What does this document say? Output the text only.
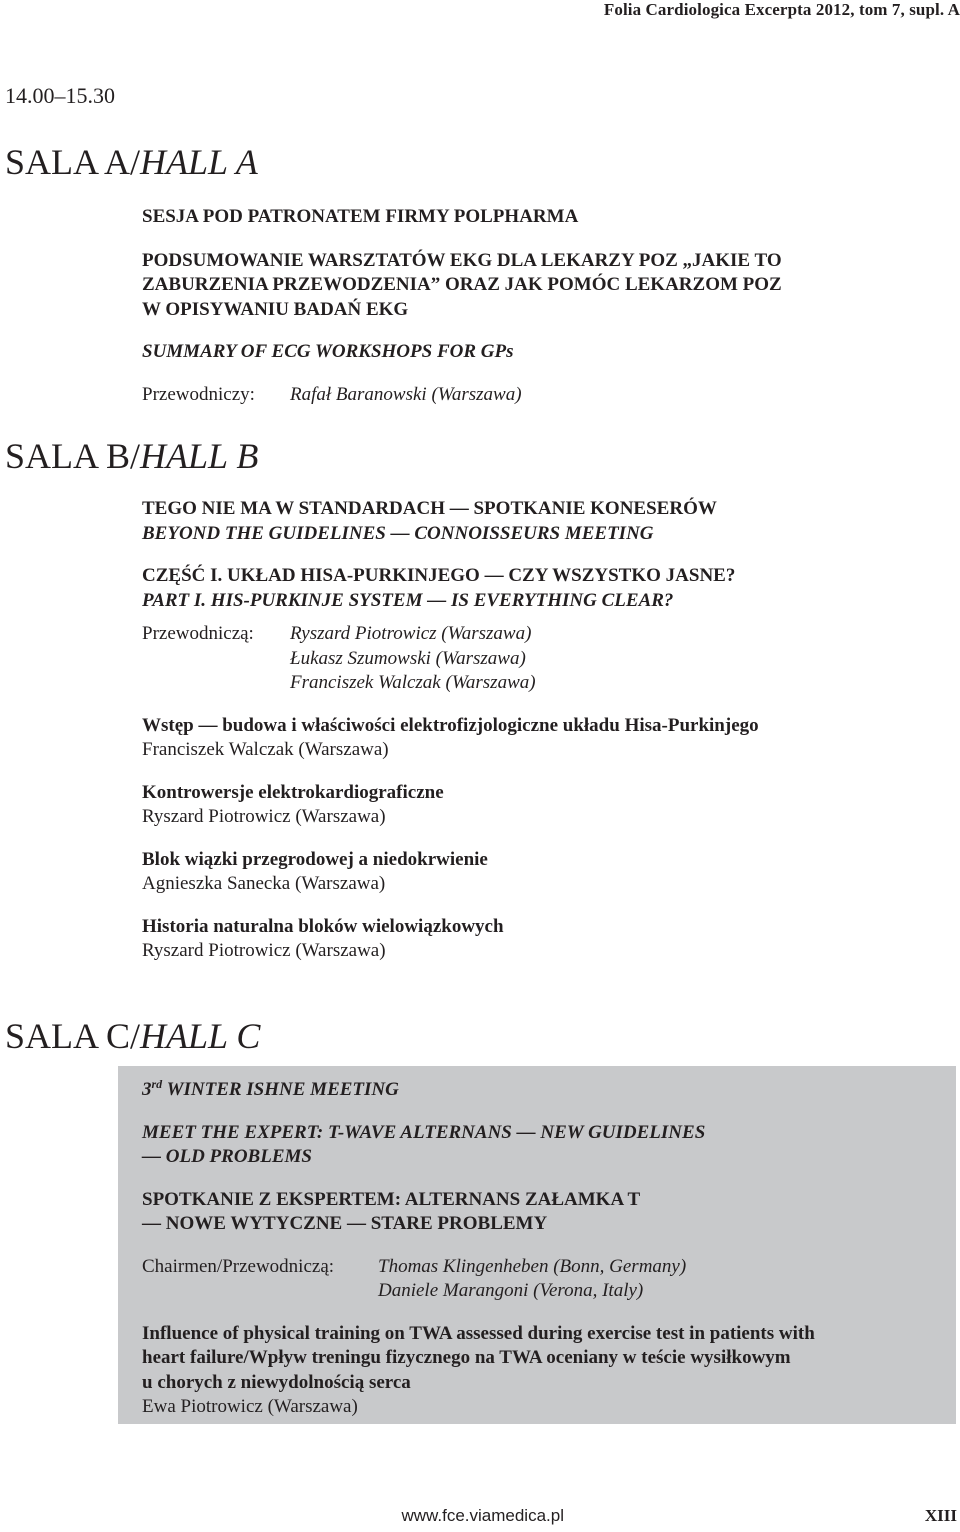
Folia Cardiologica Excerpta 2012, tom 7, supl. A

14.00–15.30

SALA A/HALL A

SESJA POD PATRONATEM FIRMY POLPHARMA
PODSUMOWANIE WARSZTATÓW EKG DLA LEKARZY POZ „JAKIE TO
ZABURZENIA PRZEWODZENIA” ORAZ JAK POMÓC LEKARZOM POZ
W OPISYWANIU BADAŃ EKG
SUMMARY OF ECG WORKSHOPS FOR GPs
Przewodniczy:	Rafał Baranowski (Warszawa)

SALA B/HALL B

TEGO NIE MA W STANDARDACH — SPOTKANIE KONESERÓW
BEYOND THE GUIDELINES — CONNOISSEURS MEETING
CZĘŚĆ I. UKŁAD HISA-PURKINJEGO — CZY WSZYSTKO JASNE?
PART I. HIS-PURKINJE SYSTEM — IS EVERYTHING CLEAR?
Przewodniczą:	Ryszard Piotrowicz (Warszawa)
Łukasz Szumowski (Warszawa)
Franciszek Walczak (Warszawa)
Wstęp — budowa i właściwości elektrofizjologiczne układu Hisa-Purkinjego
Franciszek Walczak (Warszawa)
Kontrowersje elektrokardiograficzne
Ryszard Piotrowicz (Warszawa)
Blok wiązki przegrodowej a niedokrwienie
Agnieszka Sanecka (Warszawa)
Historia naturalna bloków wielowiązkowych
Ryszard Piotrowicz (Warszawa)

SALA C/HALL C

3rd WINTER ISHNE MEETING
MEET THE EXPERT: T-WAVE ALTERNANS — NEW GUIDELINES
— OLD PROBLEMS
SPOTKANIE Z EKSPERTEM: ALTERNANS ZAŁAMKA T
— NOWE WYTYCZNE — STARE PROBLEMY
Chairmen/Przewodniczą:	Thomas Klingenheben (Bonn, Germany)
Daniele Marangoni (Verona, Italy)
Influence of physical training on TWA assessed during exercise test in patients with
heart failure/Wpływ treningu fizycznego na TWA oceniany w teście wysiłkowym
u chorych z niewydolnością serca
Ewa Piotrowicz (Warszawa)

www.fce.viamedica.pl	XIII
